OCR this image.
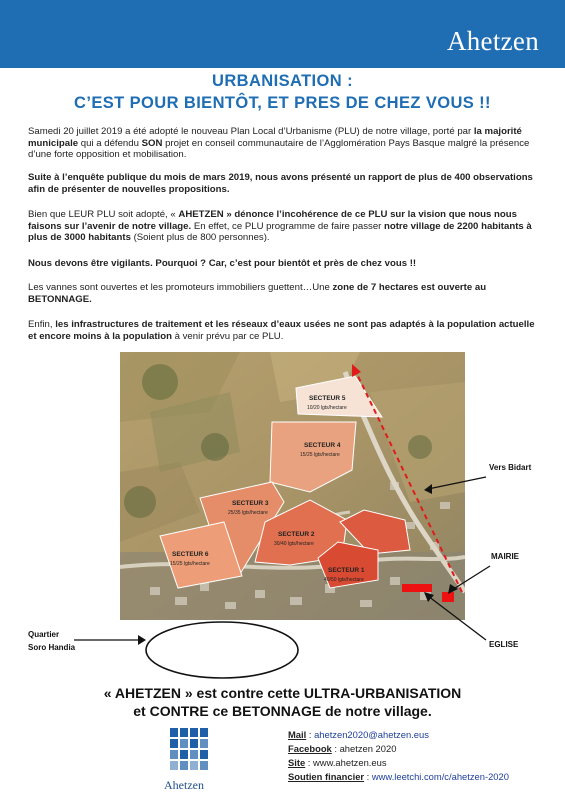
Ahetzen
URBANISATION :
C’EST POUR BIENTÔT, ET PRES DE CHEZ VOUS !!
Samedi 20 juillet 2019 a été adopté le nouveau Plan Local d’Urbanisme (PLU) de notre village, porté par la majorité municipale qui a défendu SON projet en conseil communautaire de l’Agglomération Pays Basque malgré la présence d’une forte opposition et mobilisation.
Suite à l’enquête publique du mois de mars 2019, nous avons présenté un rapport de plus de 400 observations afin de présenter de nouvelles propositions.
Bien que LEUR PLU soit adopté, « AHETZEN » dénonce l’incohérence de ce PLU sur la vision que nous nous faisons sur l’avenir de notre village. En effet, ce PLU programme de faire passer notre village de 2200 habitants à plus de 3000 habitants (Soient plus de 800 personnes).
Nous devons être vigilants. Pourquoi ? Car, c’est pour bientôt et près de chez vous !!
Les vannes sont ouvertes et les promoteurs immobiliers guettent…Une zone de 7 hectares est ouverte au BETONNAGE.
Enfin, les infrastructures de traitement et les réseaux d’eaux usées ne sont pas adaptés à la population actuelle et encore moins à la population à venir prévu par ce PLU.
SECTEUR 5
10/20 lgts/hectare
SECTEUR 4
15/25 lgts/hectare
SECTEUR 3
25/35 lgts/hectare
SECTEUR 2
30/40 lgts/hectare
SECTEUR 6
15/25 lgts/hectare
SECTEUR 1
40/50 lgts/hectare
Vers Bidart
MAIRIE
EGLISE
Quartier
Soro Handia
« AHETZEN » est contre cette ULTRA-URBANISATION
et CONTRE ce BETONNAGE de notre village.
Ahetzen
Mail : ahetzen2020@ahetzen.eus
Facebook : ahetzen 2020
Site : www.ahetzen.eus
Soutien financier : www.leetchi.com/c/ahetzen-2020
